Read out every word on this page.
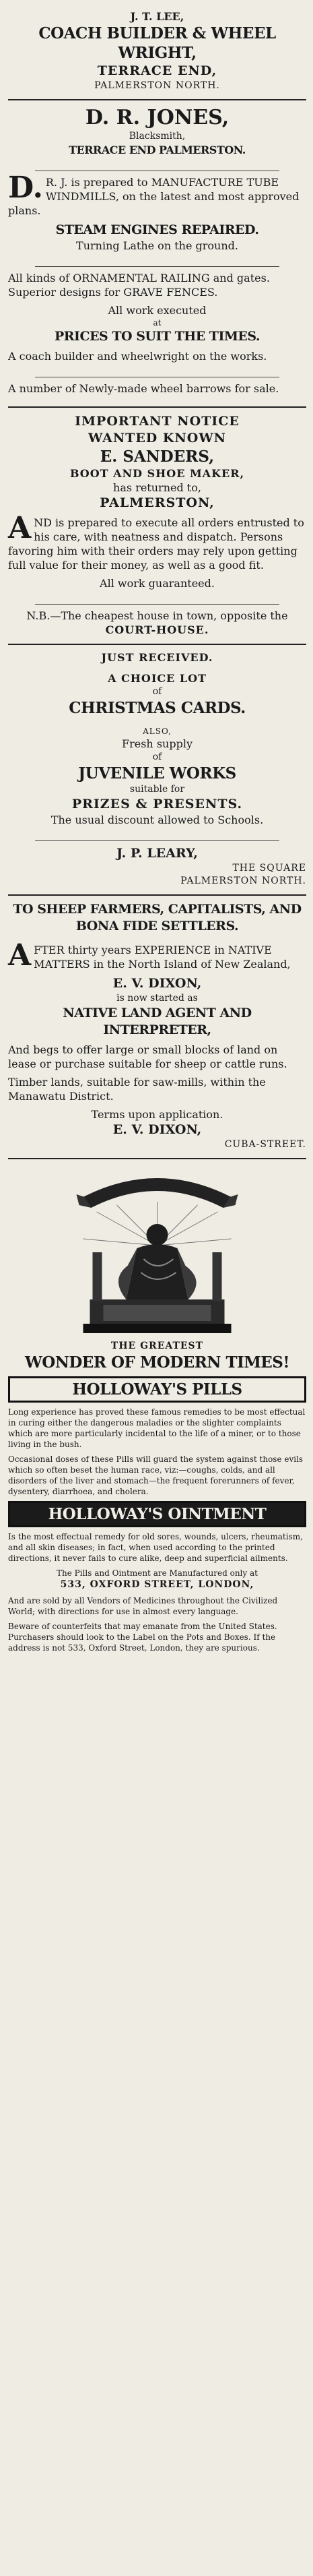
J. T. LEE,
COACH BUILDER & WHEEL WRIGHT,
TERRACE END,
PALMERSTON NORTH.
D. R. JONES,
Blacksmith,
TERRACE END PALMERSTON.

D.R. J. is prepared to MANUFACTURE TUBE WINDMILLS, on the latest and most approved plans.

STEAM ENGINES REPAIRED.
Turning Lathe on the ground.

All kinds of ORNAMENTAL RAILING and gates. Superior designs for GRAVE FENCES.

All work executed
at
PRICES TO SUIT THE TIMES.

A coach builder and wheelwright on the works.

A number of Newly-made wheel barrows for sale.

IMPORTANT NOTICE
WANTED KNOWN
E. SANDERS,
BOOT AND SHOE MAKER,
has returned to,
PALMERSTON,

AND is prepared to execute all orders entrusted to his care, with neatness and dispatch. Persons favoring him with their orders may rely upon getting full value for their money, as well as a good fit.

All work guaranteed.
N.B.—The cheapest house in town, opposite the
COURT-HOUSE.
JUST RECEIVED.
A CHOICE LOT
of
CHRISTMAS CARDS.
ALSO,
Fresh supply
of
JUVENILE WORKS
suitable for
PRIZES & PRESENTS.
The usual discount allowed to Schools.
J. P. LEARY,
THE SQUARE
PALMERSTON NORTH.
TO SHEEP FARMERS, CAPITALISTS, AND BONA FIDE SETTLERS.

AFTER thirty years EXPERIENCE in NATIVE MATTERS in the North Island of New Zealand,

E. V. DIXON,
is now started as
NATIVE LAND AGENT AND INTERPRETER,

And begs to offer large or small blocks of land on lease or purchase suitable for sheep or cattle runs.

Timber lands, suitable for saw-mills, within the Manawatu District.

Terms upon application.
E. V. DIXON,
CUBA-STREET.
THE GREATEST
WONDER OF MODERN TIMES!
HOLLOWAY'S PILLS

Long experience has proved these famous remedies to be most effectual in curing either the dangerous maladies or the slighter complaints which are more particularly incidental to the life of a miner, or to those living in the bush.

Occasional doses of these Pills will guard the system against those evils which so often beset the human race, viz:—coughs, colds, and all disorders of the liver and stomach—the frequent forerunners of fever, dysentery, diarrhoea, and cholera.

HOLLOWAY'S OINTMENT

Is the most effectual remedy for old sores, wounds, ulcers, rheumatism, and all skin diseases; in fact, when used according to the printed directions, it never fails to cure alike, deep and superficial ailments.

The Pills and Ointment are Manufactured only at
533, OXFORD STREET, LONDON,

And are sold by all Vendors of Medicines throughout the Civilized World; with directions for use in almost every language.

Beware of counterfeits that may emanate from the United States. Purchasers should look to the Label on the Pots and Boxes. If the address is not 533, Oxford Street, London, they are spurious.
